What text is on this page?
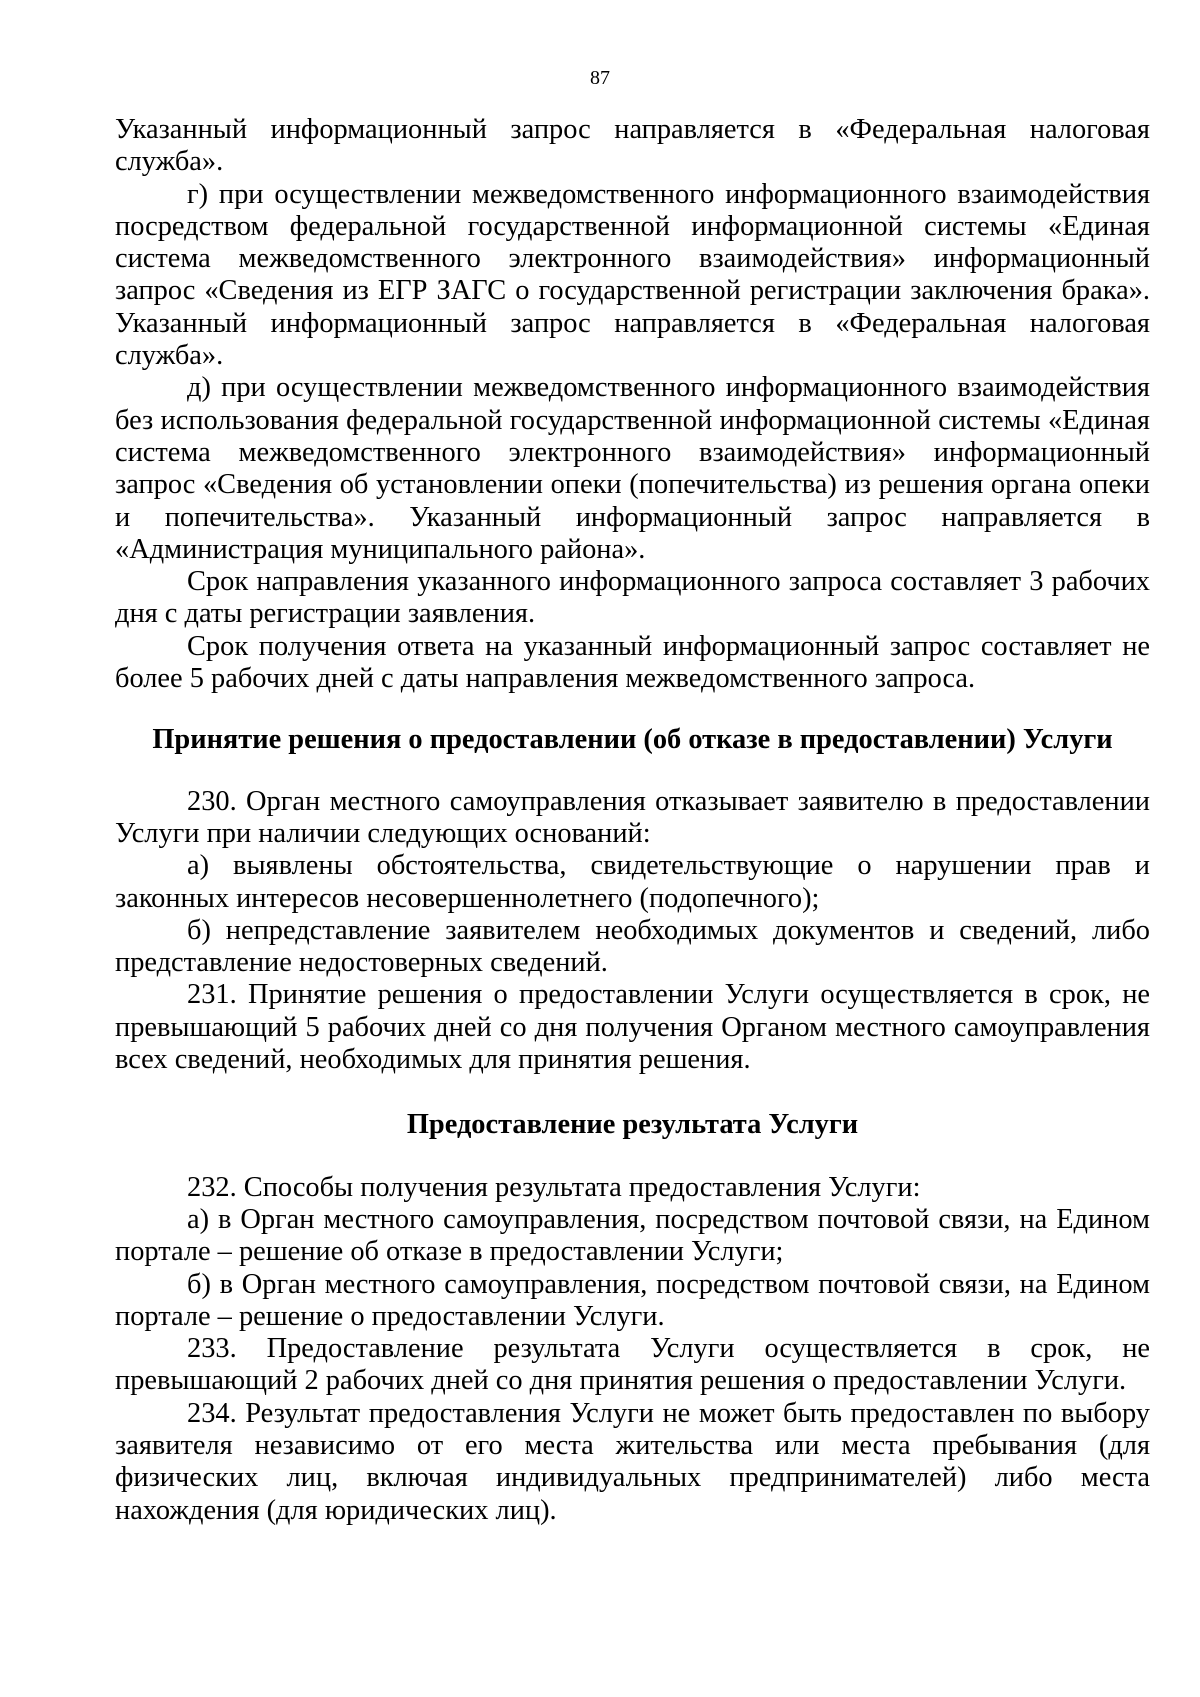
87

Указанный информационный запрос направляется в «Федеральная налоговая служба».

г) при осуществлении межведомственного информационного взаимодействия посредством федеральной государственной информационной системы «Единая система межведомственного электронного взаимодействия» информационный запрос «Сведения из ЕГР ЗАГС о государственной регистрации заключения брака». Указанный информационный запрос направляется в «Федеральная налоговая служба».

д) при осуществлении межведомственного информационного взаимодействия без использования федеральной государственной информационной системы «Единая система межведомственного электронного взаимодействия» информационный запрос «Сведения об установлении опеки (попечительства) из решения органа опеки и попечительства». Указанный информационный запрос направляется в «Администрация муниципального района».

Срок направления указанного информационного запроса составляет 3 рабочих дня с даты регистрации заявления.

Срок получения ответа на указанный информационный запрос составляет не более 5 рабочих дней с даты направления межведомственного запроса.

Принятие решения о предоставлении (об отказе в предоставлении) Услуги

230. Орган местного самоуправления отказывает заявителю в предоставлении Услуги при наличии следующих оснований:

а) выявлены обстоятельства, свидетельствующие о нарушении прав и законных интересов несовершеннолетнего (подопечного);

б) непредставление заявителем необходимых документов и сведений, либо представление недостоверных сведений.

231. Принятие решения о предоставлении Услуги осуществляется в срок, не превышающий 5 рабочих дней со дня получения Органом местного самоуправления всех сведений, необходимых для принятия решения.

Предоставление результата Услуги

232. Способы получения результата предоставления Услуги:

а) в Орган местного самоуправления, посредством почтовой связи, на Едином портале – решение об отказе в предоставлении Услуги;

б) в Орган местного самоуправления, посредством почтовой связи, на Едином портале – решение о предоставлении Услуги.

233. Предоставление результата Услуги осуществляется в срок, не превышающий 2 рабочих дней со дня принятия решения о предоставлении Услуги.

234. Результат предоставления Услуги не может быть предоставлен по выбору заявителя независимо от его места жительства или места пребывания (для физических лиц, включая индивидуальных предпринимателей) либо места нахождения (для юридических лиц).
